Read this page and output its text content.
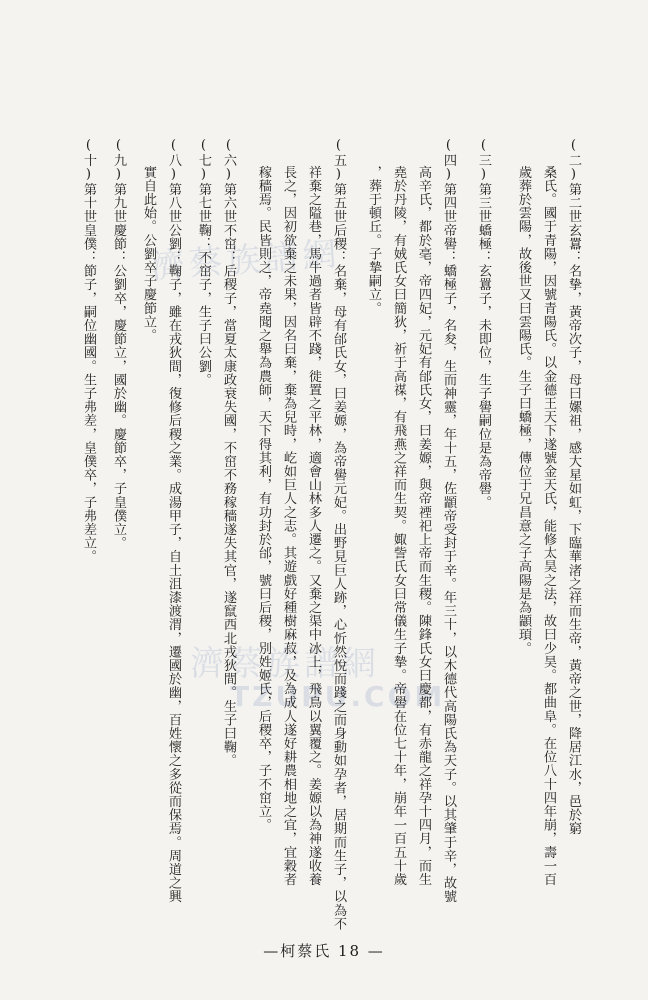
濟蔡族譜網
濟蔡族譜網
TZUPU.COM	(二)第二世玄囂：名挚，黃帝次子，母曰嫘祖，感大星如虹，下臨華渚之祥而生帝，黃帝之世，降居江水，邑於窮
　　桑氏。國于青陽，因號青陽氏。以金德王天下遂號金天氏，能修太昊之法，故曰少昊。都曲阜。在位八十四年崩，壽一百
　　歲葬於雲陽，故後世又曰雲陽氏。生子曰蟜極，傳位于兄昌意之子高陽是為顓頊。
(三)第三世蟜極：玄囂子，未即位，生子嚳嗣位是為帝嚳。
(四)第四世帝嚳：蟜極子，名夋，生而神靈，年十五，佐顓帝受封于辛。年三十，以木德代高陽氏為天子。以其肇于辛，故號
　　高辛氏，都於亳，帝四妃，元妃有邰氏女，曰姜嫄，與帝禋祀上帝而生稷。陳鋒氏女曰慶都，有赤龍之祥孕十四月，而生
　　堯於丹陵，有娀氏女曰簡狄，祈于高禖，有飛燕之祥而生契。娵訾氏女曰常儀生子摯。帝嚳在位七十年，崩年一百五十歲
　　，葬于頓丘。子摯嗣立。
(五)第五世后稷：名棄，母有邰氏女，曰姜嫄，為帝嚳元妃。出野見巨人跡，心忻然悅而踐之而身動如孕者，居期而生子，以為不
　　祥棄之隘巷，馬牛過者皆辟不踐，徙置之平林，適會山林多人遷之。又棄之渠中冰上，飛鳥以翼覆之。姜嫄以為神遂收養
　　長之，因初欲棄之未果，因名曰棄，棄為兒時，屹如巨人之志。其遊戲好種樹麻菽，及為成人遂好耕農相地之宜，宜穀者
　　稼穡焉。民皆則之，帝堯聞之舉為農師，天下得其利，有功封於邰，號曰后稷，別姓姬氏，后稷卒，子不窋立。
(六)第六世不窋：后稷子，當夏太康政衰失國，不窋不務稼穡遂失其官，遂竄西北戎狄間。生子曰鞠。
(七)第七世鞠：不窋子，生子曰公劉。
(八)第八世公劉：鞠子，雖在戎狄間，復修后稷之業。成湯甲子，自土沮漆渡渭，遷國於幽，百姓懷之多從而保焉。周道之興
　　實自此始。公劉卒子慶節立。
(九)第九世慶節：公劉卒，慶節立，國於幽。慶節卒，子皇僕立。
(十)第十世皇僕：節子，嗣位幽國。生子弗差，皇僕卒，子弗差立。
—柯蔡氏 18 —
